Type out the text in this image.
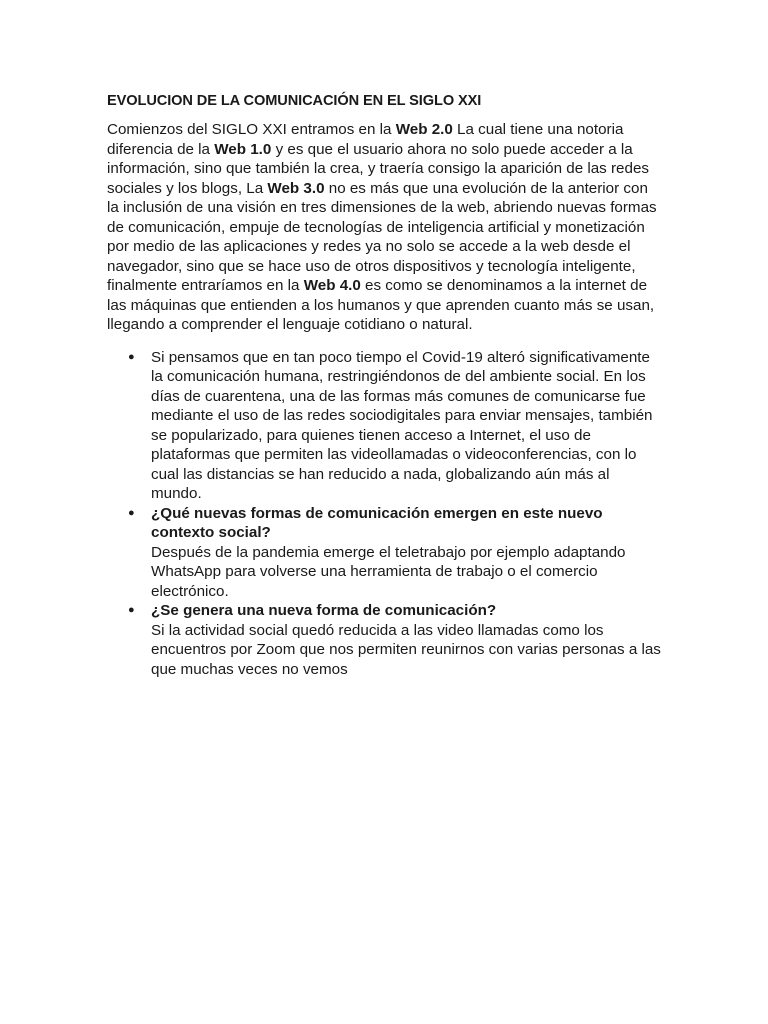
EVOLUCION DE LA COMUNICACIÓN EN EL SIGLO XXI

Comienzos del SIGLO XXI entramos en la Web 2.0 La cual tiene una notoria diferencia de la Web 1.0 y es que el usuario ahora no solo puede acceder a la información, sino que también la crea, y traería consigo la aparición de las redes sociales y los blogs, La Web 3.0 no es más que una evolución de la anterior con la inclusión de una visión en tres dimensiones de la web, abriendo nuevas formas de comunicación, empuje de tecnologías de inteligencia artificial y monetización por medio de las aplicaciones y redes ya no solo se accede a la web desde el navegador, sino que se hace uso de otros dispositivos y tecnología inteligente, finalmente entraríamos en la Web 4.0 es como se denominamos a la internet de las máquinas que entienden a los humanos y que aprenden cuanto más se usan, llegando a comprender el lenguaje cotidiano o natural.

● Si pensamos que en tan poco tiempo el Covid-19 alteró significativamente la comunicación humana, restringiéndonos de del ambiente social. En los días de cuarentena, una de las formas más comunes de comunicarse fue mediante el uso de las redes sociodigitales para enviar mensajes, también se popularizado, para quienes tienen acceso a Internet, el uso de plataformas que permiten las videollamadas o videoconferencias, con lo cual las distancias se han reducido a nada, globalizando aún más al mundo.
● ¿Qué nuevas formas de comunicación emergen en este nuevo contexto social?
Después de la pandemia emerge el teletrabajo por ejemplo adaptando WhatsApp para volverse una herramienta de trabajo o el comercio electrónico.
● ¿Se genera una nueva forma de comunicación?
Si la actividad social quedó reducida a las video llamadas como los encuentros por Zoom que nos permiten reunirnos con varias personas a las que muchas veces no vemos
